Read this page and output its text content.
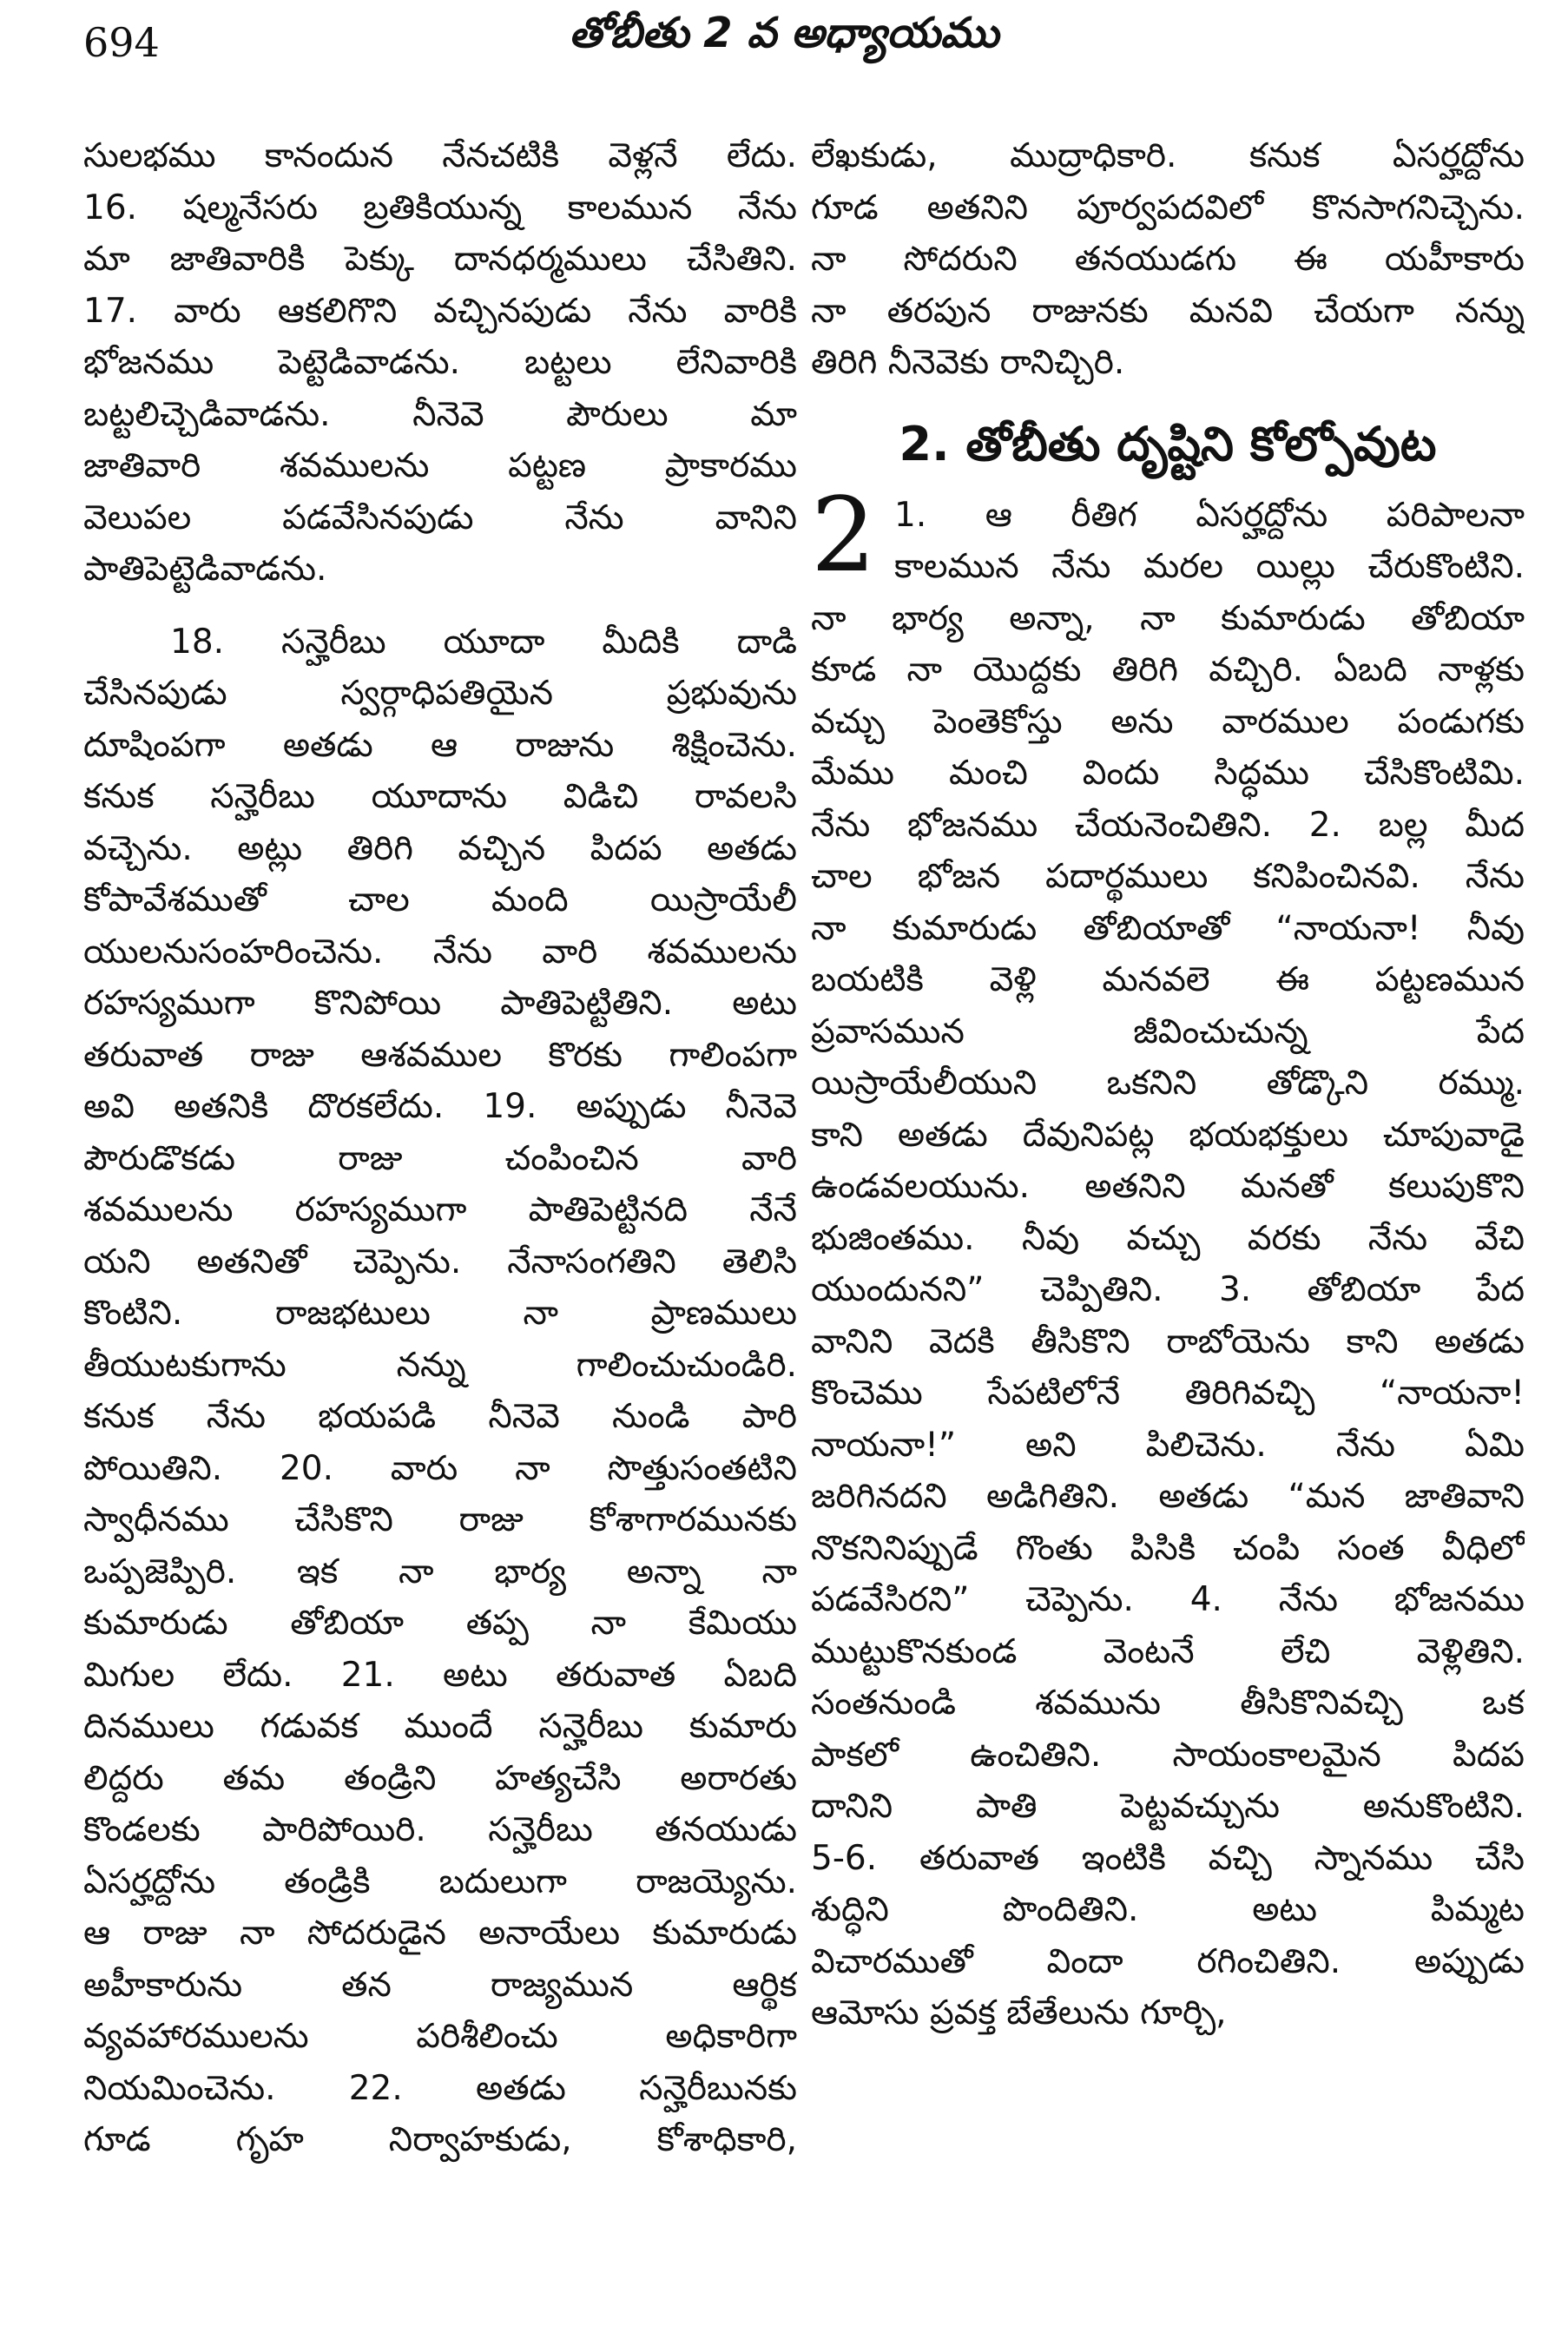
694	తోబీతు 2 వ అధ్యాయము
సులభము కానందున నేనచటికి వెళ్లనే లేదు.
16. షల్మనేసరు బ్రతికియున్న కాలమున నేను
మా జాతివారికి పెక్కు దానధర్మములు చేసితిని.
17. వారు ఆకలిగొని వచ్చినపుడు నేను వారికి
భోజనము పెట్టెడివాడను. బట్టలు లేనివారికి
బట్టలిచ్చెడివాడను. నీనెవె పౌరులు మా
జాతివారి శవములను పట్టణ ప్రాకారము
వెలుపల పడవేసినపుడు నేను వానిని
పాతిపెట్టెడివాడను.
18. సన్హెరీబు యూదా మీదికి దాడి
చేసినపుడు స్వర్గాధిపతియైన ప్రభువును
దూషింపగా అతడు ఆ రాజును శిక్షించెను.
కనుక సన్హెరీబు యూదాను విడిచి రావలసి
వచ్చెను. అట్లు తిరిగి వచ్చిన పిదప అతడు
కోపావేశముతో చాల మంది యిస్రాయేలీ
యులనుసంహరించెను. నేను వారి శవములను
రహస్యముగా కొనిపోయి పాతిపెట్టితిని. అటు
తరువాత రాజు ఆశవముల కొరకు గాలింపగా
అవి అతనికి దొరకలేదు. 19. అప్పుడు నీనెవె
పౌరుడొకడు రాజు చంపించిన వారి
శవములను రహస్యముగా పాతిపెట్టినది నేనే
యని అతనితో చెప్పెను. నేనాసంగతిని తెలిసి
కొంటిని. రాజభటులు నా ప్రాణములు
తీయుటకుగాను నన్ను గాలించుచుండిరి.
కనుక నేను భయపడి నీనెవె నుండి పారి
పోయితిని. 20. వారు నా సొత్తుసంతటిని
స్వాధీనము చేసికొని రాజు కోశాగారమునకు
ఒప్పజెప్పిరి. ఇక నా భార్య అన్నా నా
కుమారుడు తోబియా తప్ప నా కేమియు
మిగుల లేదు. 21. అటు తరువాత ఏబది
దినములు గడువక ముందే సన్హెరీబు కుమారు
లిద్దరు తమ తండ్రిని హత్యచేసి అరారతు
కొండలకు పారిపోయిరి. సన్హెరీబు తనయుడు
ఏసర్హద్దోను తండ్రికి బదులుగా రాజయ్యెను.
ఆ రాజు నా సోదరుడైన అనాయేలు కుమారుడు
అహీకారును తన రాజ్యమున ఆర్థిక
వ్యవహారములను పరిశీలించు అధికారిగా
నియమించెను. 22. అతడు సన్హెరీబునకు
గూడ గృహ నిర్వాహకుడు, కోశాధికారి,
లేఖకుడు, ముద్రాధికారి. కనుక ఏసర్హద్దోను
గూడ అతనిని పూర్వపదవిలో కొనసాగనిచ్చెను.
నా సోదరుని తనయుడగు ఈ యహీకారు
నా తరపున రాజునకు మనవి చేయగా నన్ను
తిరిగి నీనెవెకు రానిచ్చిరి.
2. తోబీతు దృష్టిని కోల్పోవుట
2 1. ఆ రీతిగ ఏసర్హద్దోను పరిపాలనా
కాలమున నేను మరల యిల్లు చేరుకొంటిని.
నా భార్య అన్నా, నా కుమారుడు తోబియా
కూడ నా యొద్దకు తిరిగి వచ్చిరి. ఏబది నాళ్లకు
వచ్చు పెంతెకోస్తు అను వారముల పండుగకు
మేము మంచి విందు సిద్ధము చేసికొంటిమి.
నేను భోజనము చేయనెంచితిని. 2. బల్ల మీద
చాల భోజన పదార్థములు కనిపించినవి. నేను
నా కుమారుడు తోబియాతో “నాయనా! నీవు
బయటికి వెళ్లి మనవలె ఈ పట్టణమున
ప్రవాసమున జీవించుచున్న పేద
యిస్రాయేలీయుని ఒకనిని తోడ్కొని రమ్ము.
కాని అతడు దేవునిపట్ల భయభక్తులు చూపువాడై
ఉండవలయును. అతనిని మనతో కలుపుకొని
భుజింతము. నీవు వచ్చు వరకు నేను వేచి
యుందునని” చెప్పితిని. 3. తోబియా పేద
వానిని వెదకి తీసికొని రాబోయెను కాని అతడు
కొంచెము సేపటిలోనే తిరిగివచ్చి “నాయనా!
నాయనా!” అని పిలిచెను. నేను ఏమి
జరిగినదని అడిగితిని. అతడు “మన జాతివాని
నొకనినిప్పుడే గొంతు పిసికి చంపి సంత వీధిలో
పడవేసిరని” చెప్పెను. 4. నేను భోజనము
ముట్టుకొనకుండ వెంటనే లేచి వెళ్లితిని.
సంతనుండి శవమును తీసికొనివచ్చి ఒక
పాకలో ఉంచితిని. సాయంకాలమైన పిదప
దానిని పాతి పెట్టవచ్చును అనుకొంటిని.
5-6. తరువాత ఇంటికి వచ్చి స్నానము చేసి
శుద్ధిని పొందితిని. అటు పిమ్మట
విచారముతో విందా రగించితిని. అప్పుడు
ఆమోసు ప్రవక్త బేతేలును గూర్చి,
